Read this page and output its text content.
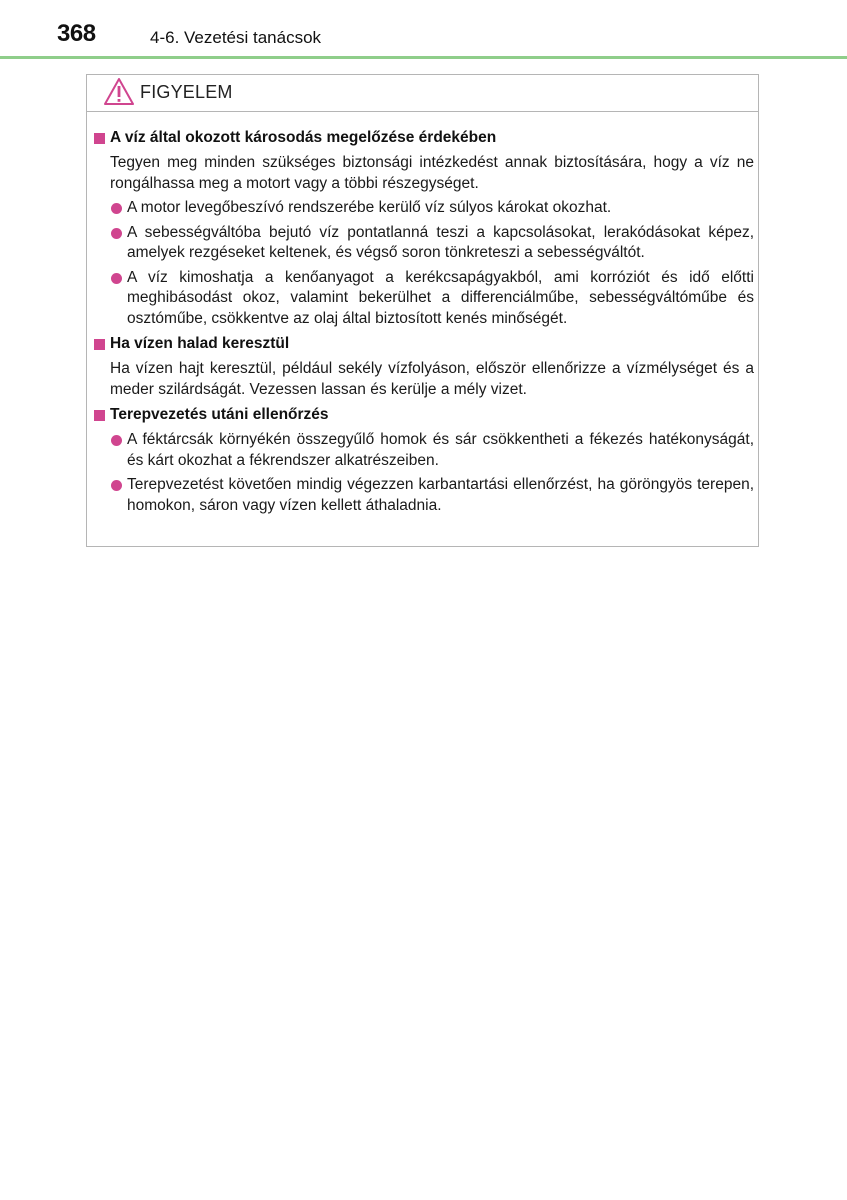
368	4-6. Vezetési tanácsok
FIGYELEM
A víz által okozott károsodás megelőzése érdekében

Tegyen meg minden szükséges biztonsági intézkedést annak biztosítására, hogy a víz ne rongálhassa meg a motort vagy a többi részegységet.

A motor levegőbeszívó rendszerébe kerülő víz súlyos károkat okozhat.
A sebességváltóba bejutó víz pontatlanná teszi a kapcsolásokat, lerakódásokat képez, amelyek rezgéseket keltenek, és végső soron tönkreteszi a sebességváltót.
A víz kimoshatja a kenőanyagot a kerékcsapágyakból, ami korróziót és idő előtti meghibásodást okoz, valamint bekerülhet a differenciálműbe, sebességváltóműbe és osztóműbe, csökkentve az olaj által biztosított kenés minőségét.
Ha vízen halad keresztül

Ha vízen hajt keresztül, például sekély vízfolyáson, először ellenőrizze a vízmélységet és a meder szilárdságát. Vezessen lassan és kerülje a mély vizet.

Terepvezetés utáni ellenőrzés
A féktárcsák környékén összegyűlő homok és sár csökkentheti a fékezés hatékonyságát, és kárt okozhat a fékrendszer alkatrészeiben.
Terepvezetést követően mindig végezzen karbantartási ellenőrzést, ha göröngyös terepen, homokon, sáron vagy vízen kellett áthaladnia.
